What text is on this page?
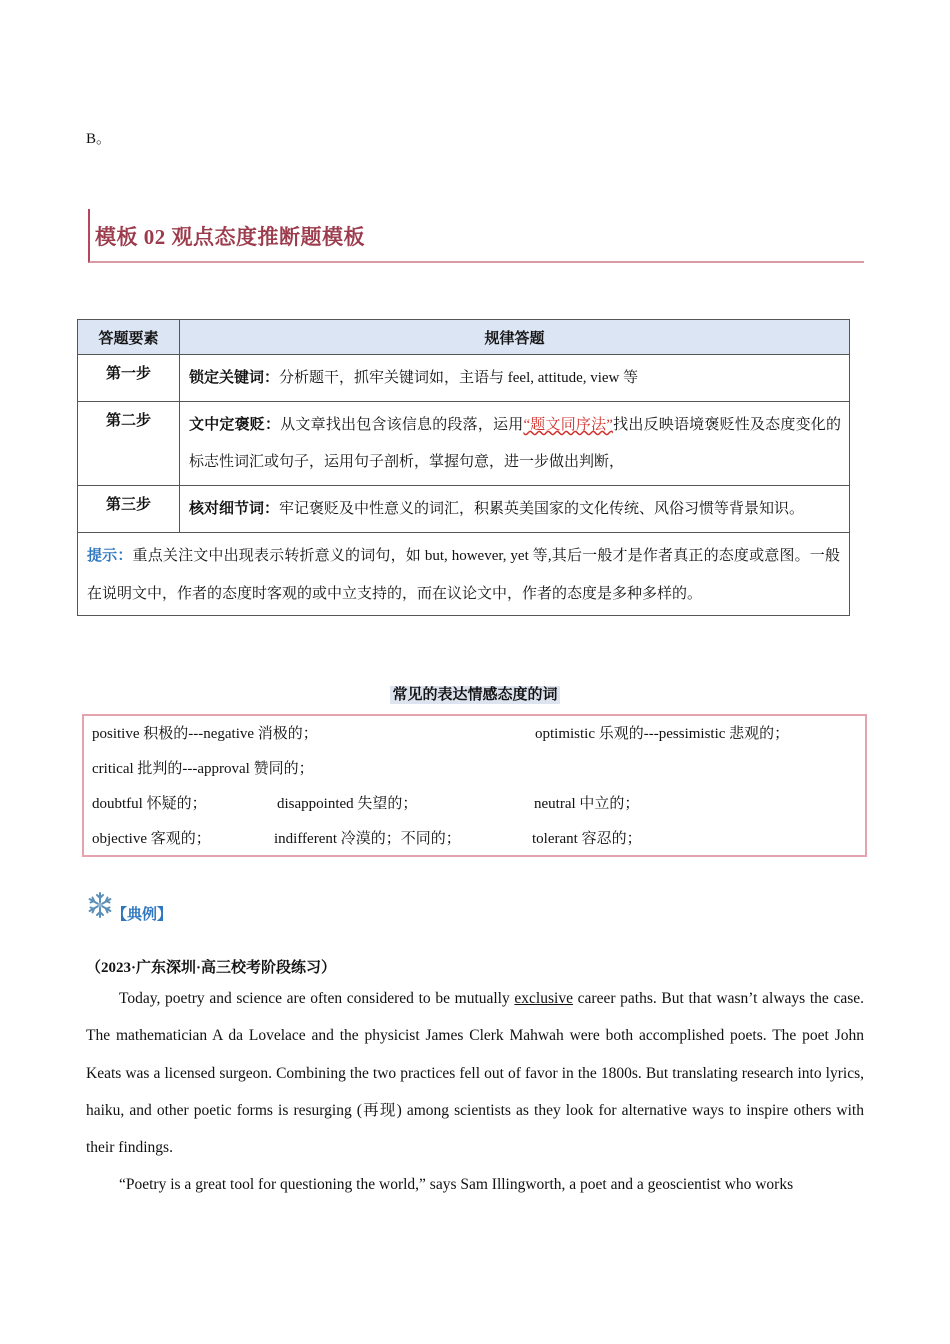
B。
模板 02 观点态度推断题模板
答题要素	规律答题
第一步	锁定关键词：分析题干，抓牢关键词如，主语与 feel, attitude, view 等
第二步	文中定褒贬：从文章找出包含该信息的段落，运用“题文同序法”找出反映语境褒贬性及态度变化的标志性词汇或句子，运用句子剖析，掌握句意，进一步做出判断，
第三步	核对细节词：牢记褒贬及中性意义的词汇，积累英美国家的文化传统、风俗习惯等背景知识。
提示：重点关注文中出现表示转折意义的词句，如 but, however, yet 等,其后一般才是作者真正的态度或意图。一般在说明文中，作者的态度时客观的或中立支持的，而在议论文中，作者的态度是多种多样的。	
常见的表达情感态度的词
positive 积极的---negative 消极的；	optimistic 乐观的---pessimistic 悲观的；
critical 批判的---approval 赞同的；
doubtful 怀疑的；	disappointed 失望的；	neutral 中立的；
objective 客观的；	indifferent 冷漠的；不同的；	tolerant 容忍的；
【典例】
（2023·广东深圳·高三校考阶段练习）

Today, poetry and science are often considered to be mutually exclusive career paths. But that wasn’t always the case. The mathematician A da Lovelace and the physicist James Clerk Mahwah were both accomplished poets. The poet John Keats was a licensed surgeon. Combining the two practices fell out of favor in the 1800s. But translating research into lyrics, haiku, and other poetic forms is resurging (再现) among scientists as they look for alternative ways to inspire others with their findings.

“Poetry is a great tool for questioning the world,” says Sam Illingworth, a poet and a geoscientist who works
